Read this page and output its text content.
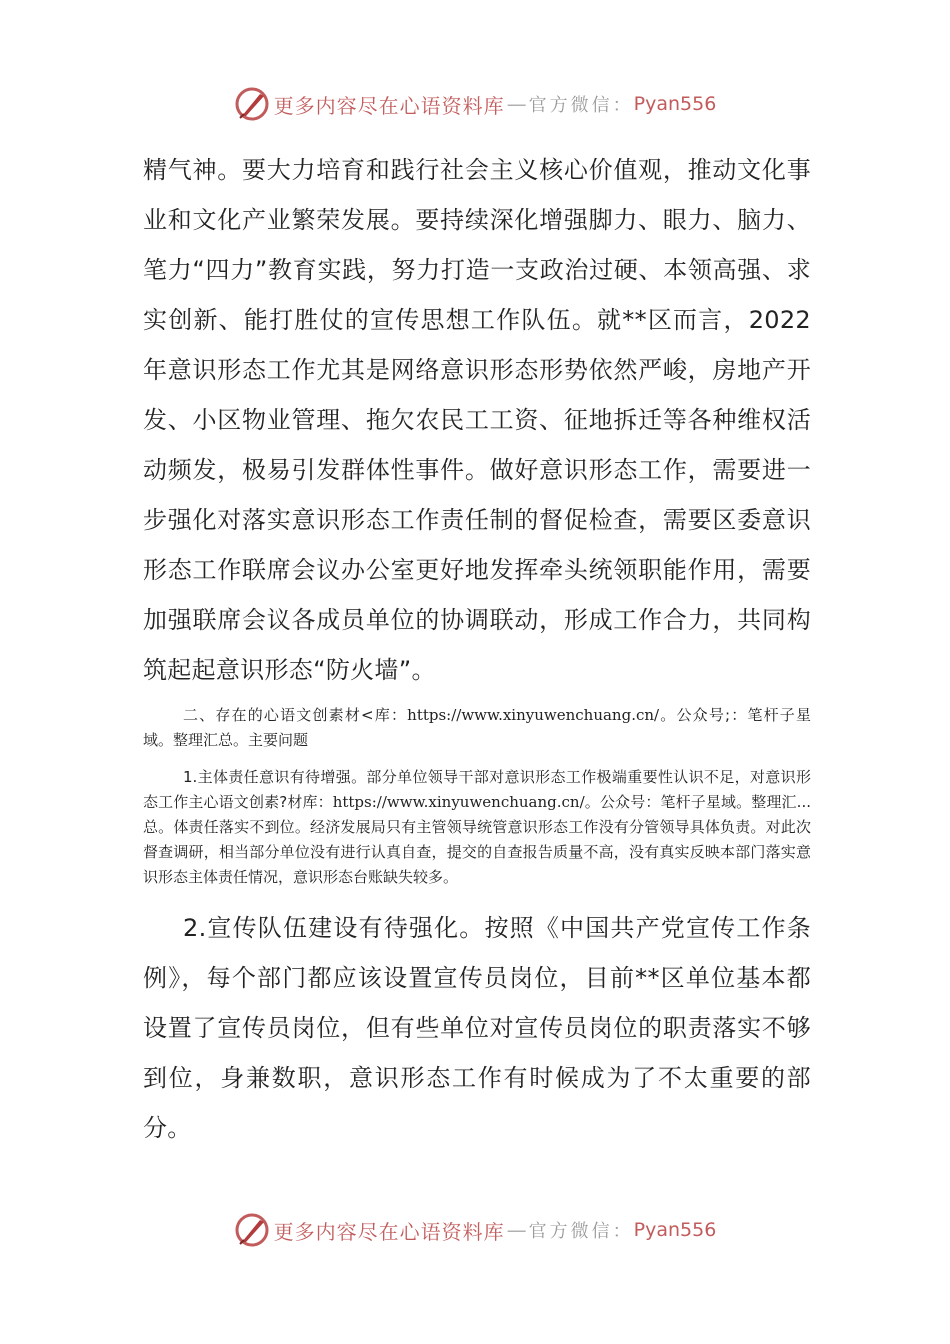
更多内容尽在心语资料库 — 官方微信： Pyan556

精气神。要大力培育和践行社会主义核心价值观，推动文化事业和文化产业繁荣发展。要持续深化增强脚力、眼力、脑力、笔力“四力”教育实践，努力打造一支政治过硬、本领高强、求实创新、能打胜仗的宣传思想工作队伍。就**区而言，2022年意识形态工作尤其是网络意识形态形势依然严峻，房地产开发、小区物业管理、拖欠农民工工资、征地拆迁等各种维权活动频发，极易引发群体性事件。做好意识形态工作，需要进一步强化对落实意识形态工作责任制的督促检查，需要区委意识形态工作联席会议办公室更好地发挥牵头统领职能作用，需要加强联席会议各成员单位的协调联动，形成工作合力，共同构筑起起意识形态“防火墙”。

二、存在的心语文创素材<库：https://www.xinyuwenchuang.cn/。公众号;：笔杆子星域。整理汇总。主要问题

1.主体责任意识有待增强。部分单位领导干部对意识形态工作极端重要性认识不足，对意识形态工作主心语文创素?材库：https://www.xinyuwenchuang.cn/。公众号：笔杆子星域。整理汇...总。体责任落实不到位。经济发展局只有主管领导统管意识形态工作没有分管领导具体负责。对此次督查调研，相当部分单位没有进行认真自查，提交的自查报告质量不高，没有真实反映本部门落实意识形态主体责任情况，意识形态台账缺失较多。

2.宣传队伍建设有待强化。按照《中国共产党宣传工作条例》，每个部门都应该设置宣传员岗位，目前**区单位基本都设置了宣传员岗位，但有些单位对宣传员岗位的职责落实不够到位，身兼数职，意识形态工作有时候成为了不太重要的部分。

更多内容尽在心语资料库 — 官方微信： Pyan556
